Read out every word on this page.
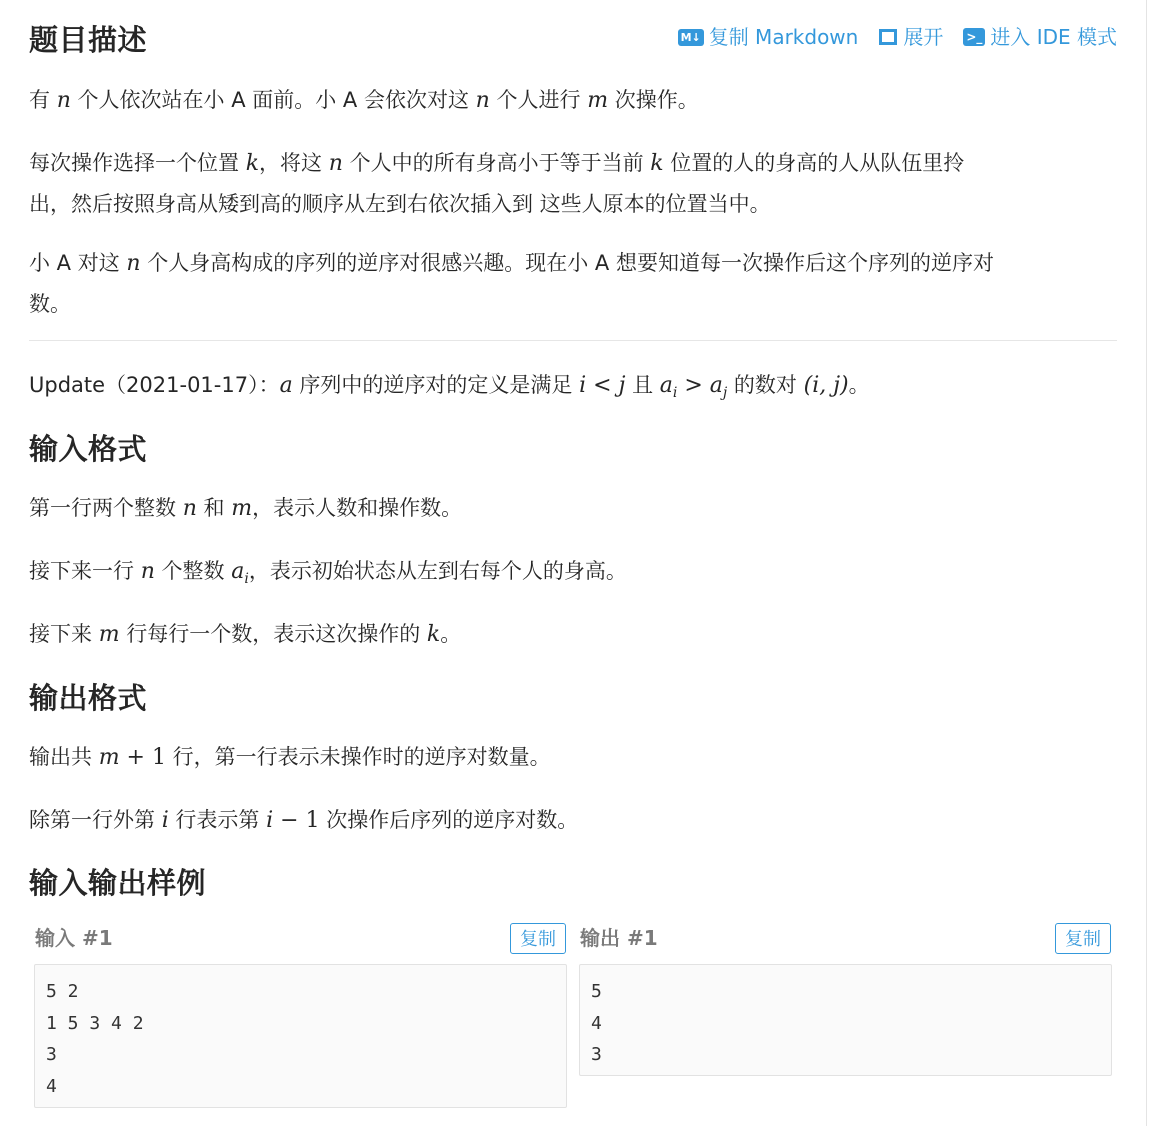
题目描述	M↓ 复制 Markdown 展开 >_ 进入 IDE 模式

有 n 个人依次站在小 A 面前。小 A 会依次对这 n 个人进行 m 次操作。

每次操作选择一个位置 k，将这 n 个人中的所有身高小于等于当前 k 位置的人的身高的人从队伍里拎
出，然后按照身高从矮到高的顺序从左到右依次插入到 这些人原本的位置当中。

小 A 对这 n 个人身高构成的序列的逆序对很感兴趣。现在小 A 想要知道每一次操作后这个序列的逆序对
数。

Update（2021-01-17）：a 序列中的逆序对的定义是满足 i < j 且 $a_i > a_j$ 的数对 (i, j)。

输入格式

第一行两个整数 n 和 m，表示人数和操作数。

接下来一行 n 个整数 $a_i$，表示初始状态从左到右每个人的身高。

接下来 m 行每行一个数，表示这次操作的 k。

输出格式

输出共 m + 1 行，第一行表示未操作时的逆序对数量。

除第一行外第 i 行表示第 i − 1 次操作后序列的逆序对数。

输入输出样例
输入 #1	复制
5 2
1 5 3 4 2
3
4
输出 #1	复制
5
4
3
